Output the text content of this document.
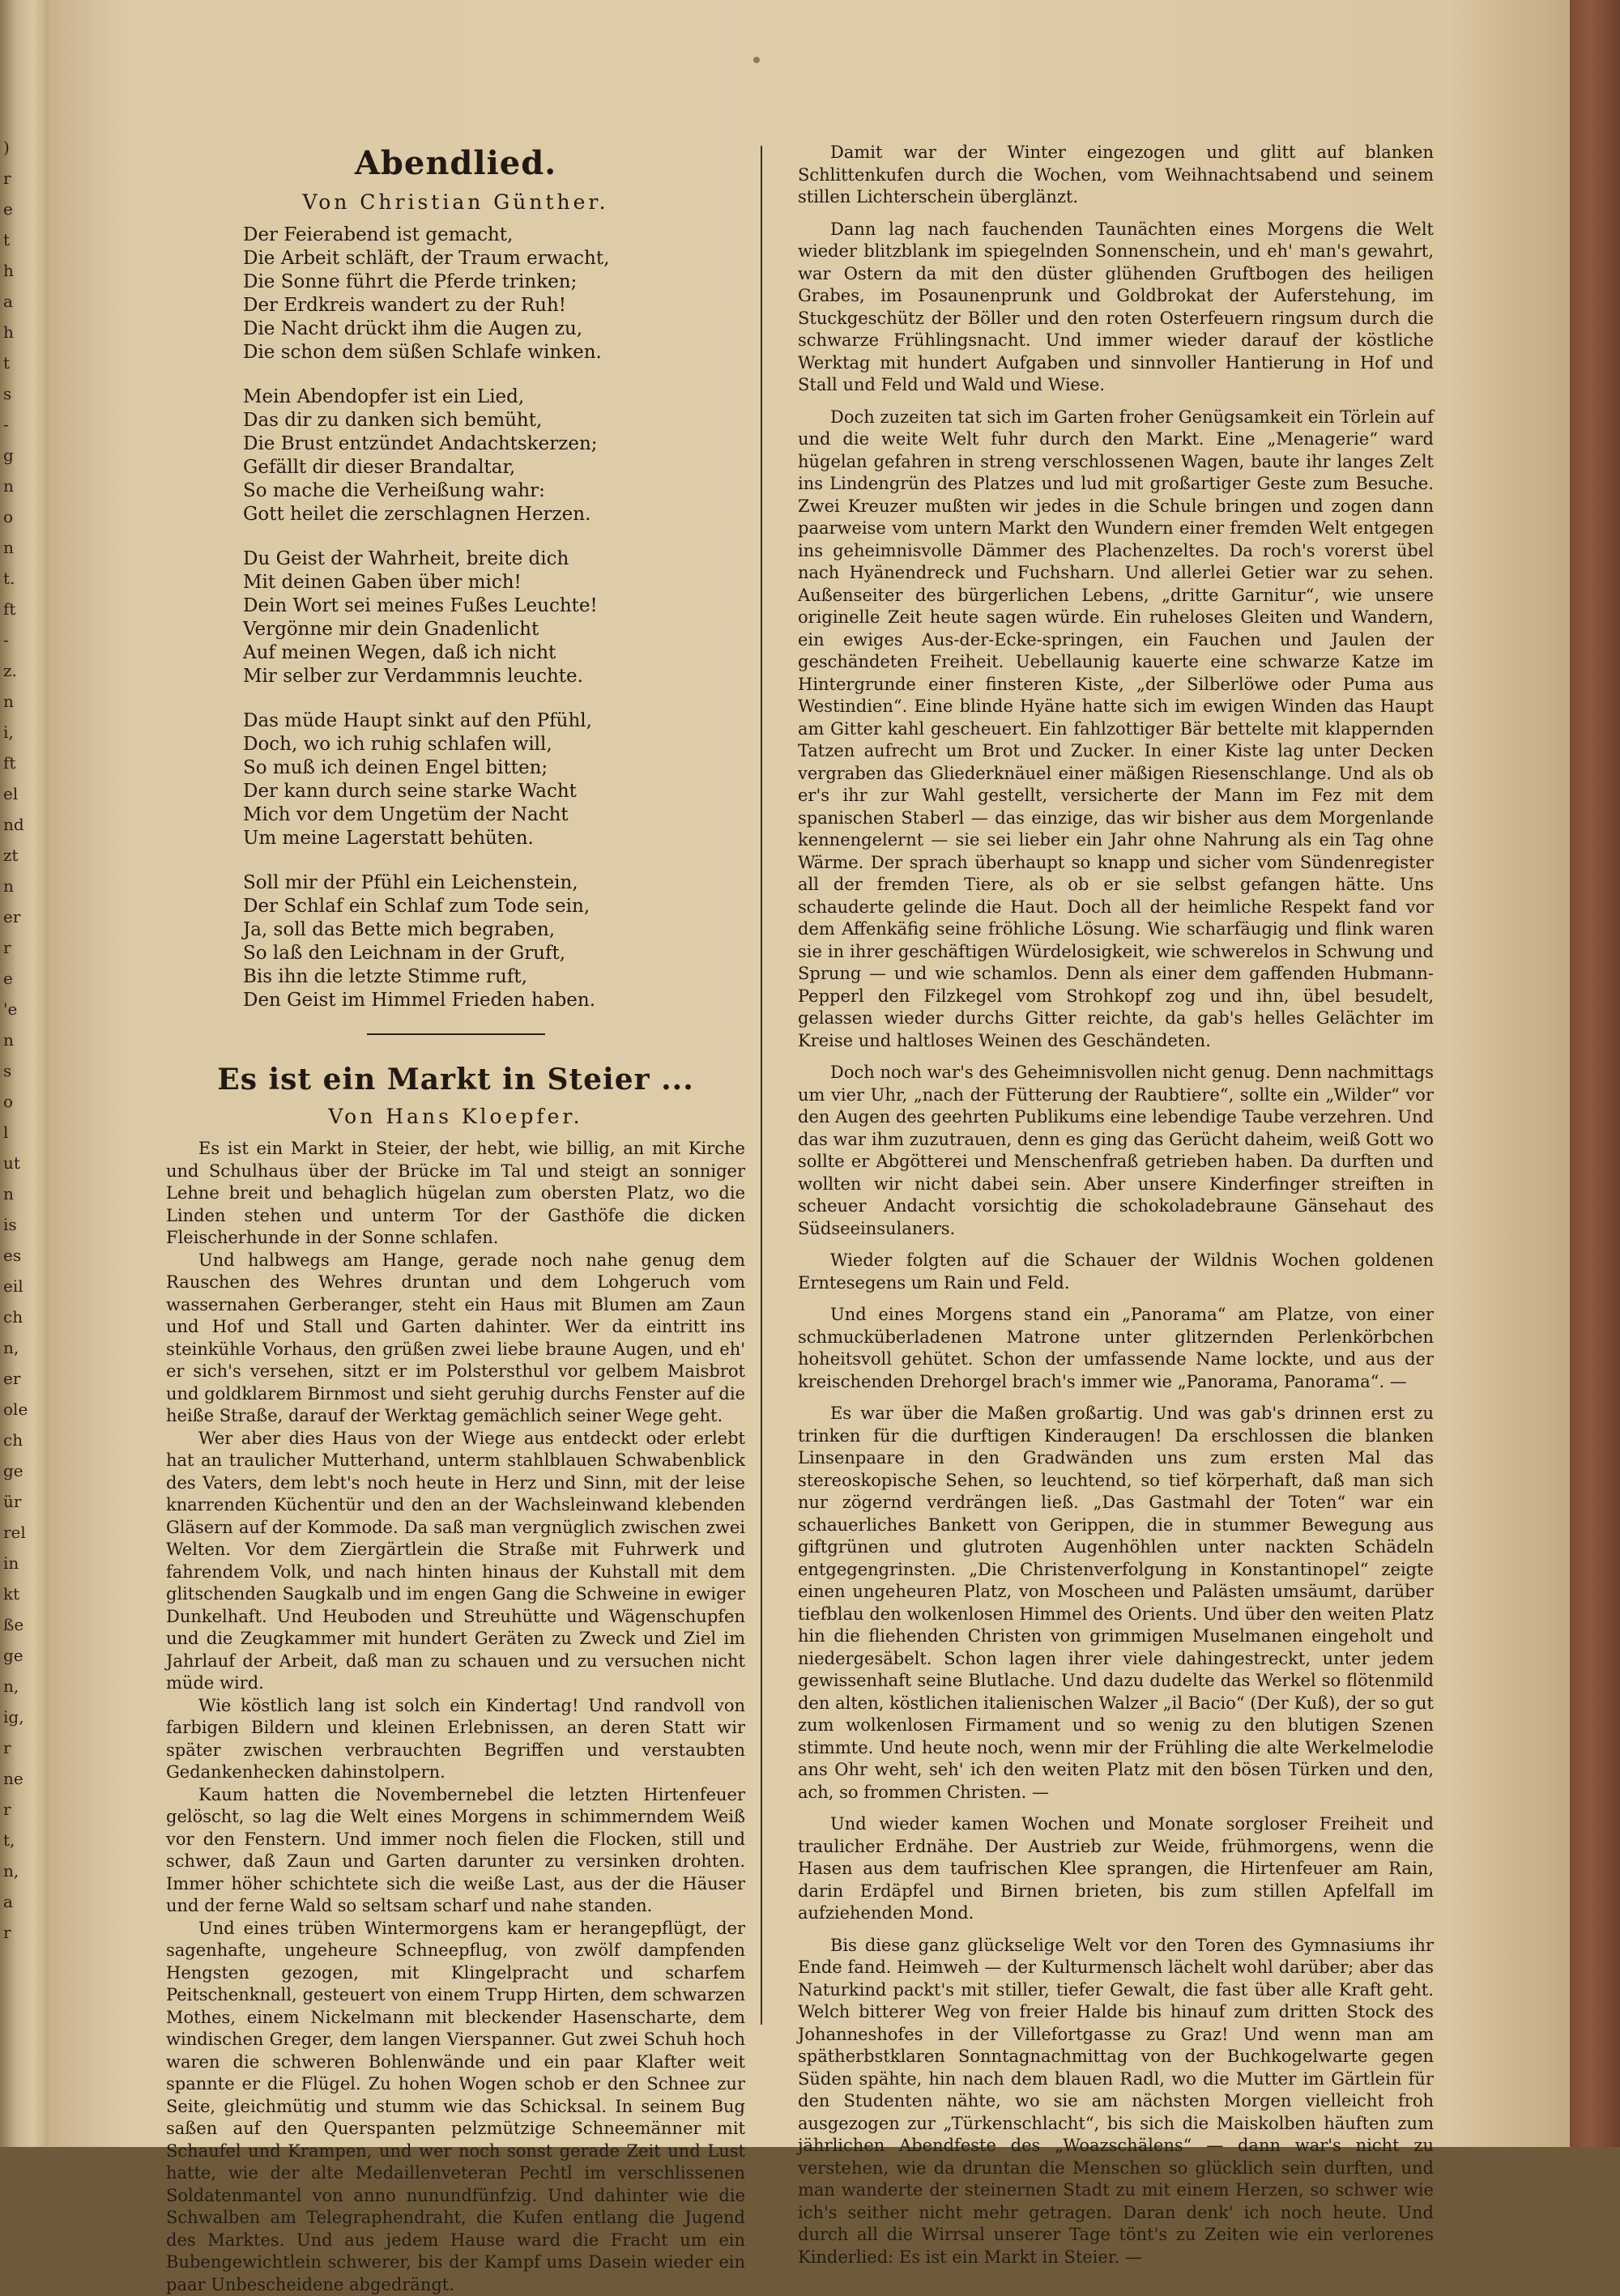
)
r
e
t
h
a
h
t
s
-
g
n
o
n
t.
ft
-
z.
n
i,
ft
el
nd
zt
n
er
r
e
'e
n
s
o
l
ut
n
is
es
eil
ch
n,
er
ole
ch
ge
ür
rel
in
kt
ße
ge
n,
ig,
r
ne
r
t,
n,
a
r
Abendlied.
Von Christian Günther.
Der Feierabend ist gemacht,
Die Arbeit schläft, der Traum erwacht,
Die Sonne führt die Pferde trinken;
Der Erdkreis wandert zu der Ruh!
Die Nacht drückt ihm die Augen zu,
Die schon dem süßen Schlafe winken.
Mein Abendopfer ist ein Lied,
Das dir zu danken sich bemüht,
Die Brust entzündet Andachtskerzen;
Gefällt dir dieser Brandaltar,
So mache die Verheißung wahr:
Gott heilet die zerschlagnen Herzen.
Du Geist der Wahrheit, breite dich
Mit deinen Gaben über mich!
Dein Wort sei meines Fußes Leuchte!
Vergönne mir dein Gnadenlicht
Auf meinen Wegen, daß ich nicht
Mir selber zur Verdammnis leuchte.
Das müde Haupt sinkt auf den Pfühl,
Doch, wo ich ruhig schlafen will,
So muß ich deinen Engel bitten;
Der kann durch seine starke Wacht
Mich vor dem Ungetüm der Nacht
Um meine Lagerstatt behüten.
Soll mir der Pfühl ein Leichenstein,
Der Schlaf ein Schlaf zum Tode sein,
Ja, soll das Bette mich begraben,
So laß den Leichnam in der Gruft,
Bis ihn die letzte Stimme ruft,
Den Geist im Himmel Frieden haben.
Es ist ein Markt in Steier ...
Von Hans Kloepfer.

Es ist ein Markt in Steier, der hebt, wie billig, an mit Kirche und Schulhaus über der Brücke im Tal und steigt an sonniger Lehne breit und behaglich hügelan zum obersten Platz, wo die Linden stehen und unterm Tor der Gasthöfe die dicken Fleischerhunde in der Sonne schlafen.

Und halbwegs am Hange, gerade noch nahe genug dem Rauschen des Wehres druntan und dem Lohgeruch vom wassernahen Gerberanger, steht ein Haus mit Blumen am Zaun und Hof und Stall und Garten dahinter. Wer da eintritt ins steinkühle Vorhaus, den grüßen zwei liebe braune Augen, und eh' er sich's versehen, sitzt er im Polstersthul vor gelbem Maisbrot und goldklarem Birnmost und sieht geruhig durchs Fenster auf die heiße Straße, darauf der Werktag gemächlich seiner Wege geht.

Wer aber dies Haus von der Wiege aus entdeckt oder erlebt hat an traulicher Mutterhand, unterm stahlblauen Schwabenblick des Vaters, dem lebt's noch heute in Herz und Sinn, mit der leise knarrenden Küchentür und den an der Wachsleinwand klebenden Gläsern auf der Kommode. Da saß man vergnüglich zwischen zwei Welten. Vor dem Ziergärtlein die Straße mit Fuhrwerk und fahrendem Volk, und nach hinten hinaus der Kuhstall mit dem glitschenden Saugkalb und im engen Gang die Schweine in ewiger Dunkelhaft. Und Heuboden und Streuhütte und Wägenschupfen und die Zeugkammer mit hundert Geräten zu Zweck und Ziel im Jahrlauf der Arbeit, daß man zu schauen und zu versuchen nicht müde wird.

Wie köstlich lang ist solch ein Kindertag! Und randvoll von farbigen Bildern und kleinen Erlebnissen, an deren Statt wir später zwischen verbrauchten Begriffen und verstaubten Gedankenhecken dahinstolpern.

Kaum hatten die Novembernebel die letzten Hirtenfeuer gelöscht, so lag die Welt eines Morgens in schimmerndem Weiß vor den Fenstern. Und immer noch fielen die Flocken, still und schwer, daß Zaun und Garten darunter zu versinken drohten. Immer höher schichtete sich die weiße Last, aus der die Häuser und der ferne Wald so seltsam scharf und nahe standen.

Und eines trüben Wintermorgens kam er herangepflügt, der sagenhafte, ungeheure Schneepflug, von zwölf dampfenden Hengsten gezogen, mit Klingelpracht und scharfem Peitschenknall, gesteuert von einem Trupp Hirten, dem schwarzen Mothes, einem Nickelmann mit bleckender Hasenscharte, dem windischen Greger, dem langen Vierspanner. Gut zwei Schuh hoch waren die schweren Bohlenwände und ein paar Klafter weit spannte er die Flügel. Zu hohen Wogen schob er den Schnee zur Seite, gleichmütig und stumm wie das Schicksal. In seinem Bug saßen auf den Querspanten pelzmützige Schneemänner mit Schaufel und Krampen, und wer noch sonst gerade Zeit und Lust hatte, wie der alte Medaillenveteran Pechtl im verschlissenen Soldatenmantel von anno nunundfünfzig. Und dahinter wie die Schwalben am Telegraphendraht, die Kufen entlang die Jugend des Marktes. Und aus jedem Hause ward die Fracht um ein Bubengewichtlein schwerer, bis der Kampf ums Dasein wieder ein paar Unbescheidene abgedrängt.

Damit war der Winter eingezogen und glitt auf blanken Schlittenkufen durch die Wochen, vom Weihnachtsabend und seinem stillen Lichterschein überglänzt.

Dann lag nach fauchenden Taunächten eines Morgens die Welt wieder blitzblank im spiegelnden Sonnenschein, und eh' man's gewahrt, war Ostern da mit den düster glühenden Gruftbogen des heiligen Grabes, im Posaunenprunk und Goldbrokat der Auferstehung, im Stuckgeschütz der Böller und den roten Osterfeuern ringsum durch die schwarze Frühlingsnacht. Und immer wieder darauf der köstliche Werktag mit hundert Aufgaben und sinnvoller Hantierung in Hof und Stall und Feld und Wald und Wiese.

Doch zuzeiten tat sich im Garten froher Genügsamkeit ein Törlein auf und die weite Welt fuhr durch den Markt. Eine „Menagerie“ ward hügelan gefahren in streng verschlossenen Wagen, baute ihr langes Zelt ins Lindengrün des Platzes und lud mit großartiger Geste zum Besuche. Zwei Kreuzer mußten wir jedes in die Schule bringen und zogen dann paarweise vom untern Markt den Wundern einer fremden Welt entgegen ins geheimnisvolle Dämmer des Plachenzeltes. Da roch's vorerst übel nach Hyänendreck und Fuchsharn. Und allerlei Getier war zu sehen. Außenseiter des bürgerlichen Lebens, „dritte Garnitur“, wie unsere originelle Zeit heute sagen würde. Ein ruheloses Gleiten und Wandern, ein ewiges Aus-der-Ecke-springen, ein Fauchen und Jaulen der geschändeten Freiheit. Uebellaunig kauerte eine schwarze Katze im Hintergrunde einer finsteren Kiste, „der Silberlöwe oder Puma aus Westindien“. Eine blinde Hyäne hatte sich im ewigen Winden das Haupt am Gitter kahl gescheuert. Ein fahlzottiger Bär bettelte mit klappernden Tatzen aufrecht um Brot und Zucker. In einer Kiste lag unter Decken vergraben das Gliederknäuel einer mäßigen Riesenschlange. Und als ob er's ihr zur Wahl gestellt, versicherte der Mann im Fez mit dem spanischen Staberl — das einzige, das wir bisher aus dem Morgenlande kennengelernt — sie sei lieber ein Jahr ohne Nahrung als ein Tag ohne Wärme. Der sprach überhaupt so knapp und sicher vom Sündenregister all der fremden Tiere, als ob er sie selbst gefangen hätte. Uns schauderte gelinde die Haut. Doch all der heimliche Respekt fand vor dem Affenkäfig seine fröhliche Lösung. Wie scharfäugig und flink waren sie in ihrer geschäftigen Würdelosigkeit, wie schwerelos in Schwung und Sprung — und wie schamlos. Denn als einer dem gaffenden Hubmann-Pepperl den Filzkegel vom Strohkopf zog und ihn, übel besudelt, gelassen wieder durchs Gitter reichte, da gab's helles Gelächter im Kreise und haltloses Weinen des Geschändeten.

Doch noch war's des Geheimnisvollen nicht genug. Denn nachmittags um vier Uhr, „nach der Fütterung der Raubtiere“, sollte ein „Wilder“ vor den Augen des geehrten Publikums eine lebendige Taube verzehren. Und das war ihm zuzutrauen, denn es ging das Gerücht daheim, weiß Gott wo sollte er Abgötterei und Menschenfraß getrieben haben. Da durften und wollten wir nicht dabei sein. Aber unsere Kinderfinger streiften in scheuer Andacht vorsichtig die schokoladebraune Gänsehaut des Südseeinsulaners.

Wieder folgten auf die Schauer der Wildnis Wochen goldenen Erntesegens um Rain und Feld.

Und eines Morgens stand ein „Panorama“ am Platze, von einer schmucküberladenen Matrone unter glitzernden Perlenkörbchen hoheitsvoll gehütet. Schon der umfassende Name lockte, und aus der kreischenden Drehorgel brach's immer wie „Panorama, Panorama“. —

Es war über die Maßen großartig. Und was gab's drinnen erst zu trinken für die durftigen Kinderaugen! Da erschlossen die blanken Linsenpaare in den Gradwänden uns zum ersten Mal das stereoskopische Sehen, so leuchtend, so tief körperhaft, daß man sich nur zögernd verdrängen ließ. „Das Gastmahl der Toten“ war ein schauerliches Bankett von Gerippen, die in stummer Bewegung aus giftgrünen und glutroten Augenhöhlen unter nackten Schädeln entgegengrinsten. „Die Christenverfolgung in Konstantinopel“ zeigte einen ungeheuren Platz, von Moscheen und Palästen umsäumt, darüber tiefblau den wolkenlosen Himmel des Orients. Und über den weiten Platz hin die fliehenden Christen von grimmigen Muselmanen eingeholt und niedergesäbelt. Schon lagen ihrer viele dahingestreckt, unter jedem gewissenhaft seine Blutlache. Und dazu dudelte das Werkel so flötenmild den alten, köstlichen italienischen Walzer „il Bacio“ (Der Kuß), der so gut zum wolkenlosen Firmament und so wenig zu den blutigen Szenen stimmte. Und heute noch, wenn mir der Frühling die alte Werkelmelodie ans Ohr weht, seh' ich den weiten Platz mit den bösen Türken und den, ach, so frommen Christen. —

Und wieder kamen Wochen und Monate sorgloser Freiheit und traulicher Erdnähe. Der Austrieb zur Weide, frühmorgens, wenn die Hasen aus dem taufrischen Klee sprangen, die Hirtenfeuer am Rain, darin Erdäpfel und Birnen brieten, bis zum stillen Apfelfall im aufziehenden Mond.

Bis diese ganz glückselige Welt vor den Toren des Gymnasiums ihr Ende fand. Heimweh — der Kulturmensch lächelt wohl darüber; aber das Naturkind packt's mit stiller, tiefer Gewalt, die fast über alle Kraft geht. Welch bitterer Weg von freier Halde bis hinauf zum dritten Stock des Johanneshofes in der Villefortgasse zu Graz! Und wenn man am spätherbstklaren Sonntagnachmittag von der Buchkogelwarte gegen Süden spähte, hin nach dem blauen Radl, wo die Mutter im Gärtlein für den Studenten nähte, wo sie am nächsten Morgen vielleicht froh ausgezogen zur „Türkenschlacht“, bis sich die Maiskolben häuften zum jährlichen Abendfeste des „Woazschälens“ — dann war's nicht zu verstehen, wie da druntan die Menschen so glücklich sein durften, und man wanderte der steinernen Stadt zu mit einem Herzen, so schwer wie ich's seither nicht mehr getragen. Daran denk' ich noch heute. Und durch all die Wirrsal unserer Tage tönt's zu Zeiten wie ein verlorenes Kinderlied: Es ist ein Markt in Steier. —
